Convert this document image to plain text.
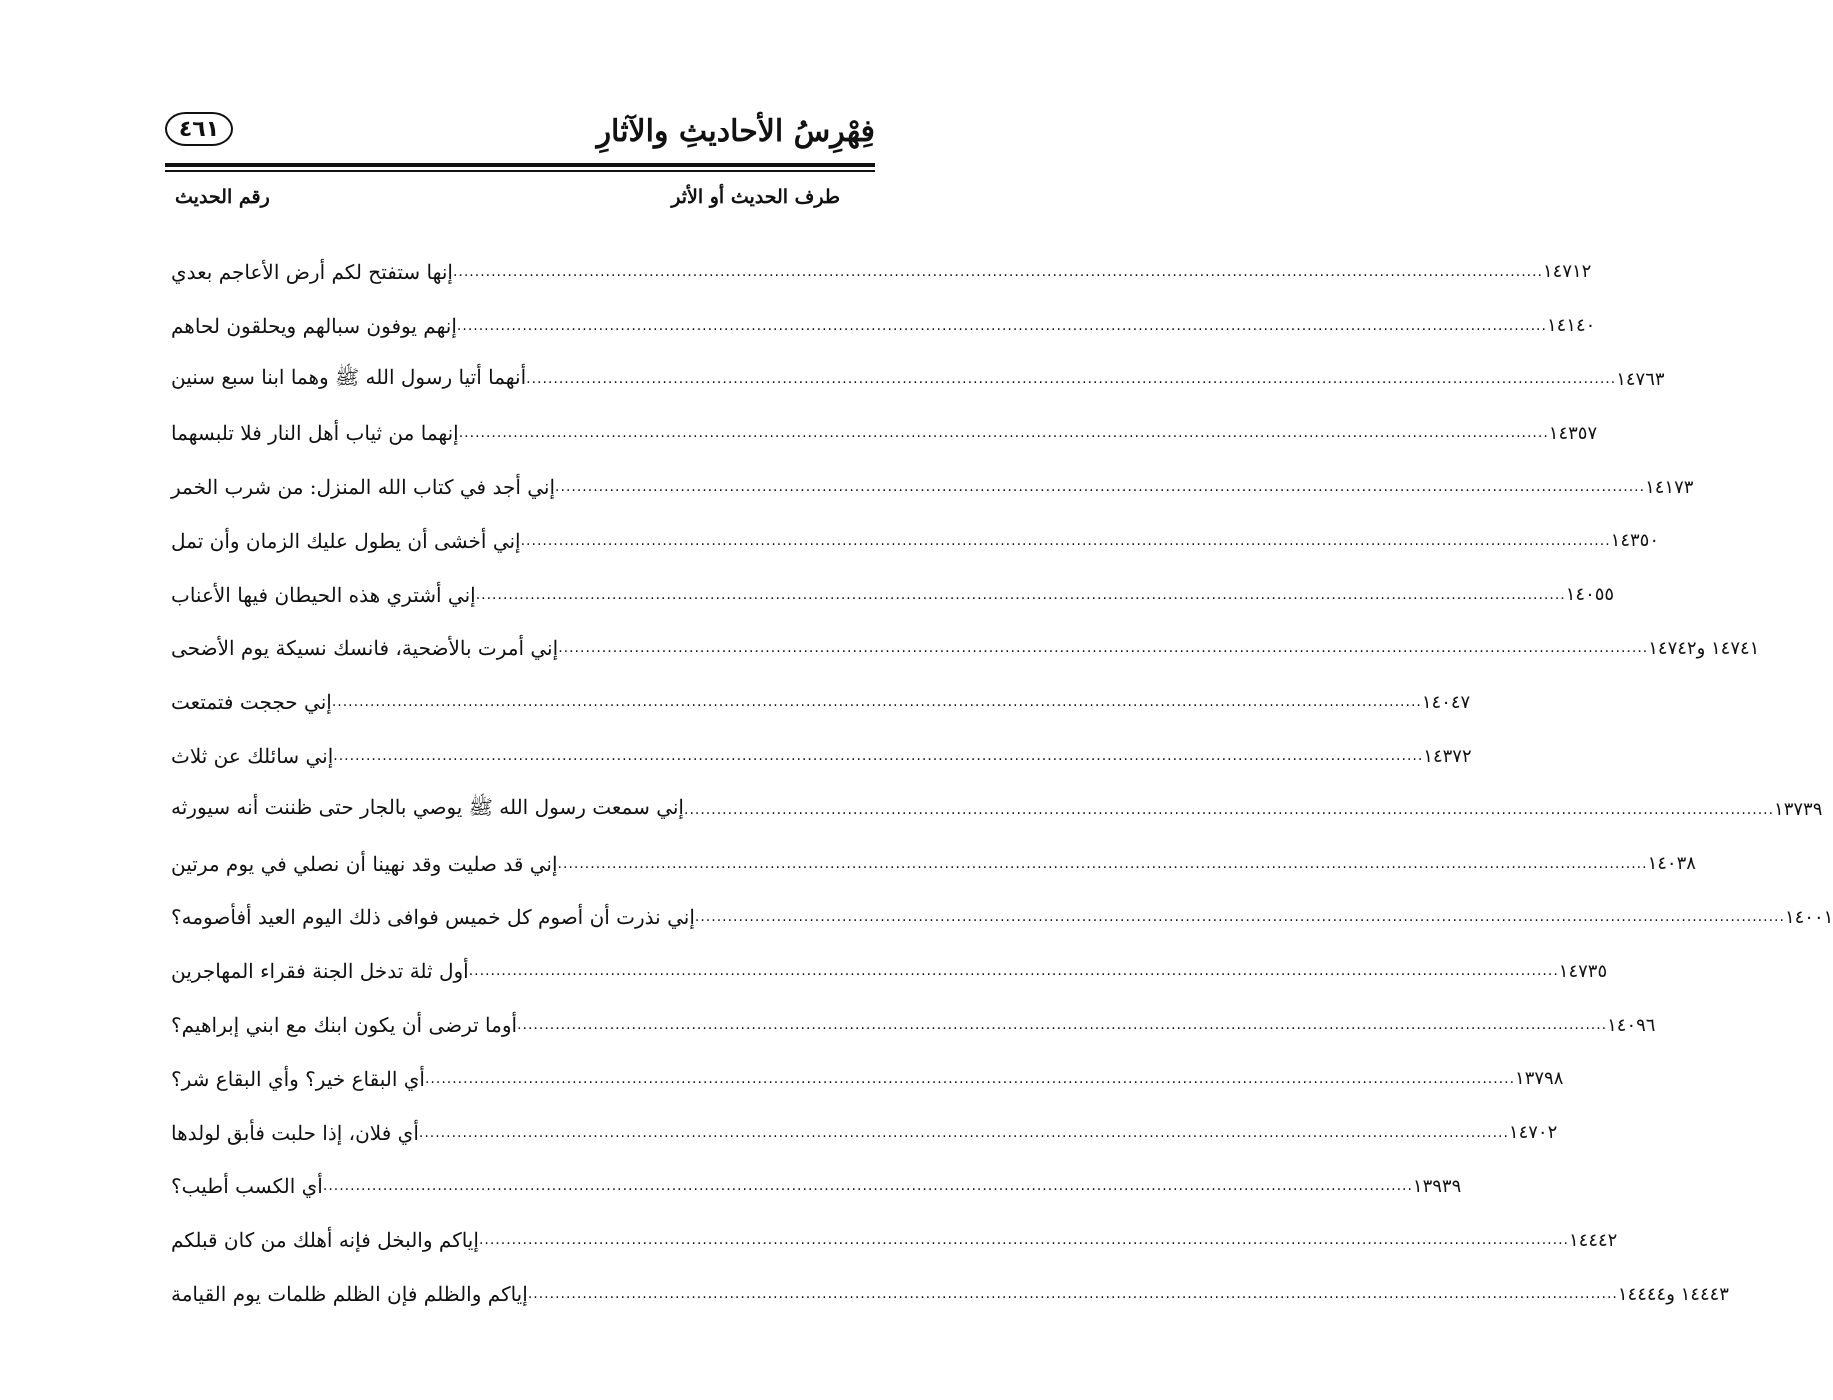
فِهْرِسُ الأحاديثِ والآثارِ
٤٦١
طرف الحديث أو الأثر
رقم الحديث
إنها ستفتح لكم أرض الأعاجم بعدي ........................................................................................................................................................................................................ ١٤٧١٢
إنهم يوفون سبالهم ويحلقون لحاهم ........................................................................................................................................................................................................ ١٤١٤٠
أنهما أتيا رسول الله ﷺ وهما ابنا سبع سنين ........................................................................................................................................................................................................ ١٤٧٦٣
إنهما من ثياب أهل النار فلا تلبسهما ........................................................................................................................................................................................................ ١٤٣٥٧
إني أجد في كتاب الله المنزل: من شرب الخمر ........................................................................................................................................................................................................ ١٤١٧٣
إني أخشى أن يطول عليك الزمان وأن تمل ........................................................................................................................................................................................................ ١٤٣٥٠
إني أشتري هذه الحيطان فيها الأعناب ........................................................................................................................................................................................................ ١٤٠٥٥
إني أمرت بالأضحية، فانسك نسيكة يوم الأضحى ........................................................................................................................................................................................................ ١٤٧٤١ و١٤٧٤٢
إني حججت فتمتعت ........................................................................................................................................................................................................ ١٤٠٤٧
إني سائلك عن ثلاث ........................................................................................................................................................................................................ ١٤٣٧٢
إني سمعت رسول الله ﷺ يوصي بالجار حتى ظننت أنه سيورثه ........................................................................................................................................................................................................ ١٣٧٣٩
إني قد صليت وقد نهينا أن نصلي في يوم مرتين ........................................................................................................................................................................................................ ١٤٠٣٨
إني نذرت أن أصوم كل خميس فوافى ذلك اليوم العيد أفأصومه؟ ........................................................................................................................................................................................................ ١٤٠٠١
أول ثلة تدخل الجنة فقراء المهاجرين ........................................................................................................................................................................................................ ١٤٧٣٥
أوما ترضى أن يكون ابنك مع ابني إبراهيم؟ ........................................................................................................................................................................................................ ١٤٠٩٦
أي البقاع خير؟ وأي البقاع شر؟ ........................................................................................................................................................................................................ ١٣٧٩٨
أي فلان، إذا حلبت فأبق لولدها ........................................................................................................................................................................................................ ١٤٧٠٢
أي الكسب أطيب؟ ........................................................................................................................................................................................................ ١٣٩٣٩
إياكم والبخل فإنه أهلك من كان قبلكم ........................................................................................................................................................................................................ ١٤٤٤٢
إياكم والظلم فإن الظلم ظلمات يوم القيامة ........................................................................................................................................................................................................ ١٤٤٤٣ و١٤٤٤٤
